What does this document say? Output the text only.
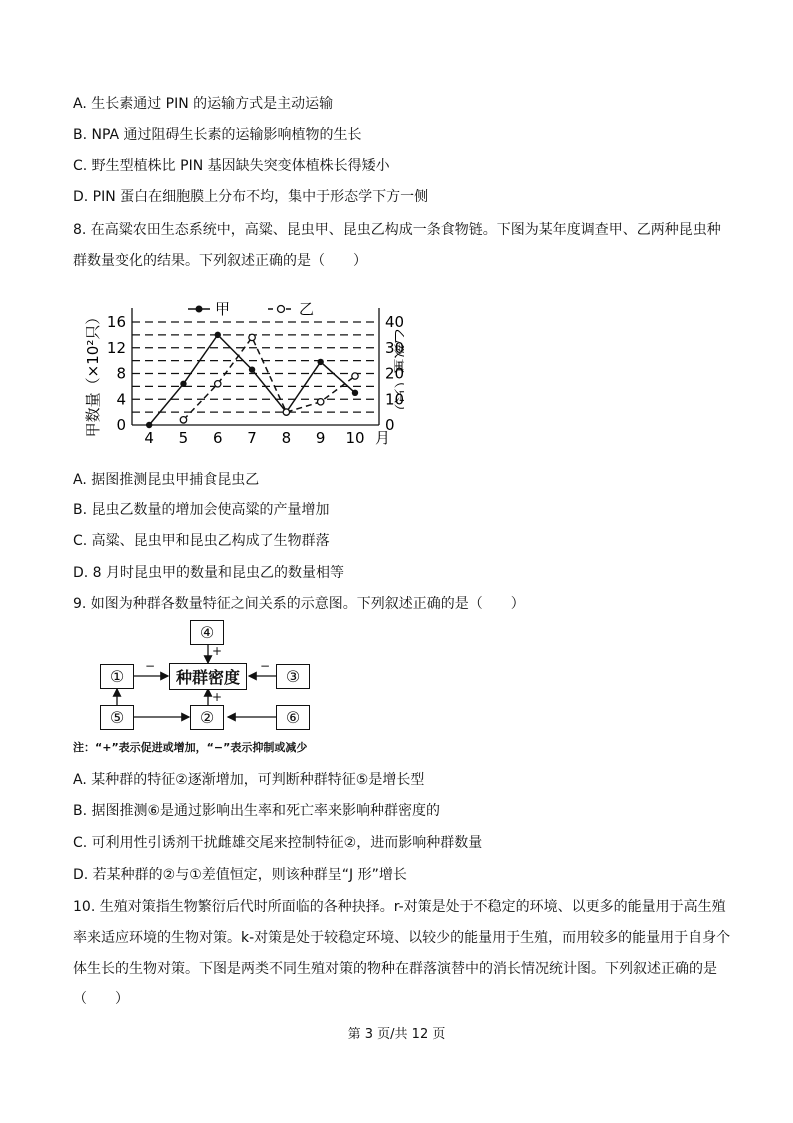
A. 生长素通过 PIN 的运输方式是主动运输
B. NPA 通过阻碍生长素的运输影响植物的生长
C. 野生型植株比 PIN 基因缺失突变体植株长得矮小
D. PIN 蛋白在细胞膜上分布不均，集中于形态学下方一侧
8. 在高粱农田生态系统中，高粱、昆虫甲、昆虫乙构成一条食物链。下图为某年度调查甲、乙两种昆虫种
群数量变化的结果。下列叙述正确的是（　　）
0
4
8
12
16
0
10
20
30
40
4 5 6 7 8 9 10 月
甲数量（×10²只）	乙数量（只）
甲	乙
A. 据图推测昆虫甲捕食昆虫乙
B. 昆虫乙数量的增加会使高粱的产量增加
C. 高粱、昆虫甲和昆虫乙构成了生物群落
D. 8 月时昆虫甲的数量和昆虫乙的数量相等
9. 如图为种群各数量特征之间关系的示意图。下列叙述正确的是（　　）
④
①	种群密度	③
⑤	②	⑥
−	−
+
+
注：“+”表示促进或增加，“−”表示抑制或减少
A. 某种群的特征②逐渐增加，可判断种群特征⑤是增长型
B. 据图推测⑥是通过影响出生率和死亡率来影响种群密度的
C. 可利用性引诱剂干扰雌雄交尾来控制特征②，进而影响种群数量
D. 若某种群的②与①差值恒定，则该种群呈“J 形”增长
10. 生殖对策指生物繁衍后代时所面临的各种抉择。r-对策是处于不稳定的环境、以更多的能量用于高生殖
率来适应环境的生物对策。k-对策是处于较稳定环境、以较少的能量用于生殖，而用较多的能量用于自身个
体生长的生物对策。下图是两类不同生殖对策的物种在群落演替中的消长情况统计图。下列叙述正确的是
（　　）
第 3 页/共 12 页
